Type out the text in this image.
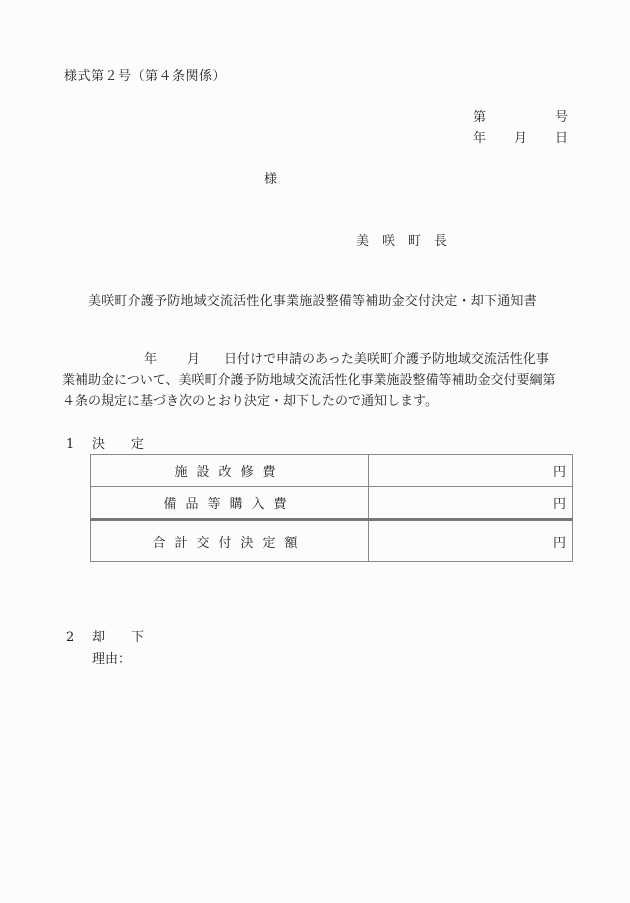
様式第２号（第４条関係）
第	号
年 月 日
様
美咲町長
美咲町介護予防地域交流活性化事業施設整備等補助金交付決定・却下通知書
年 月 日付けで申請のあった美咲町介護予防地域交流活性化事
業補助金について、美咲町介護予防地域交流活性化事業施設整備等補助金交付要綱第
４条の規定に基づき次のとおり決定・却下したので通知します。
1 決定
施設改修費	円
備品等購入費	円
合計交付決定額	円
2 却下
理由：
